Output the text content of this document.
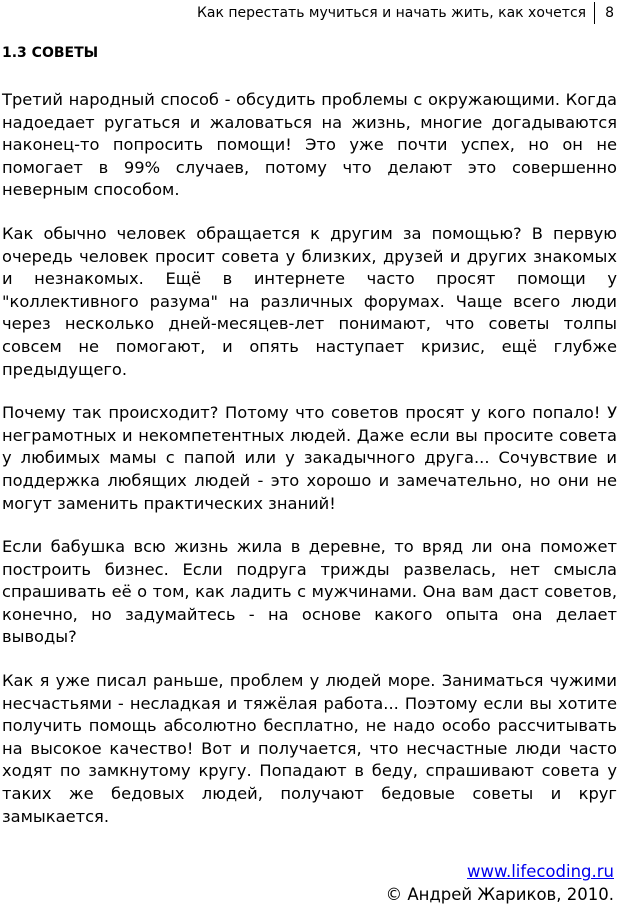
Как перестать мучиться и начать жить, как хочется 8
1.3 СОВЕТЫ

Третий народный способ - обсудить проблемы с окружающими. Когда надоедает ругаться и жаловаться на жизнь, многие догадываются наконец-то попросить помощи! Это уже почти успех, но он не помогает в 99% случаев, потому что делают это совершенно неверным способом.

Как обычно человек обращается к другим за помощью? В первую очередь человек просит совета у близких, друзей и других знакомых и незнакомых. Ещё в интернете часто просят помощи у "коллективного разума" на различных форумах. Чаще всего люди через несколько дней-месяцев-лет понимают, что советы толпы совсем не помогают, и опять наступает кризис, ещё глубже предыдущего.

Почему так происходит? Потому что советов просят у кого попало! У неграмотных и некомпетентных людей. Даже если вы просите совета у любимых мамы с папой или у закадычного друга... Сочувствие и поддержка любящих людей - это хорошо и замечательно, но они не могут заменить практических знаний!

Если бабушка всю жизнь жила в деревне, то вряд ли она поможет построить бизнес. Если подруга трижды развелась, нет смысла спрашивать её о том, как ладить с мужчинами. Она вам даст советов, конечно, но задумайтесь - на основе какого опыта она делает выводы?

Как я уже писал раньше, проблем у людей море. Заниматься чужими несчастьями - несладкая и тяжёлая работа... Поэтому если вы хотите получить помощь абсолютно бесплатно, не надо особо рассчитывать на высокое качество! Вот и получается, что несчастные люди часто ходят по замкнутому кругу. Попадают в беду, спрашивают совета у таких же бедовых людей, получают бедовые советы и круг замыкается.

www.lifecoding.ru
© Андрей Жариков, 2010.
